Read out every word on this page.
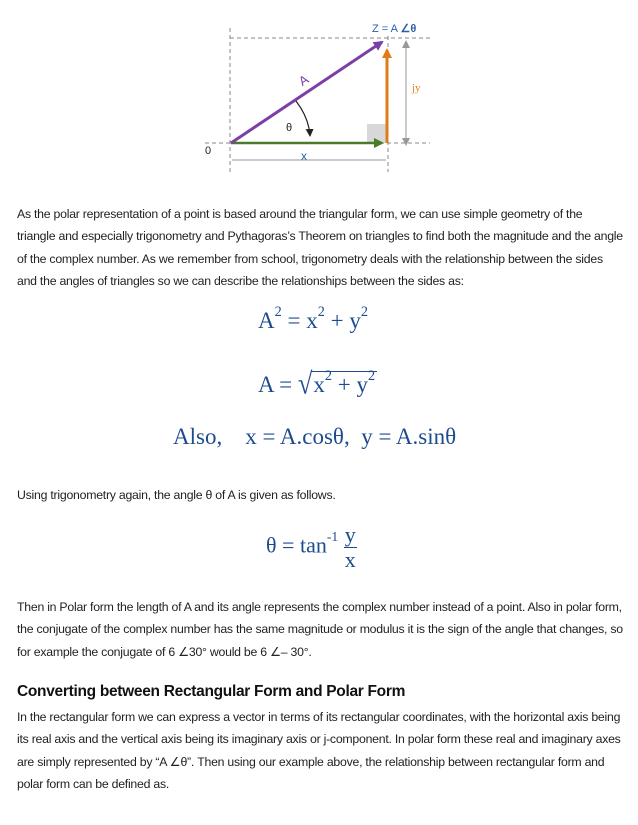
0	x
jy
θ
A
Z = A ∠θ

As the polar representation of a point is based around the triangular form, we can use simple geometry of the triangle and especially trigonometry and Pythagoras’s Theorem on triangles to find both the magnitude and the angle of the complex number. As we remember from school, trigonometry deals with the relationship between the sides and the angles of triangles so we can describe the relationships between the sides as:

$A^2 = x^2 + y^2$
$A = √x^2 + y^2$
Also, x = A.cosθ, y = A.sinθ

Using trigonometry again, the angle θ of A is given as follows.

$\theta = \tan^{-1} \frac{y}{x}$

Then in Polar form the length of A and its angle represents the complex number instead of a point. Also in polar form, the conjugate of the complex number has the same magnitude or modulus it is the sign of the angle that changes, so for example the conjugate of 6 ∠30° would be 6 ∠– 30°.

Converting between Rectangular Form and Polar Form

In the rectangular form we can express a vector in terms of its rectangular coordinates, with the horizontal axis being its real axis and the vertical axis being its imaginary axis or j-component. In polar form these real and imaginary axes are simply represented by “A ∠θ”. Then using our example above, the relationship between rectangular form and polar form can be defined as.
